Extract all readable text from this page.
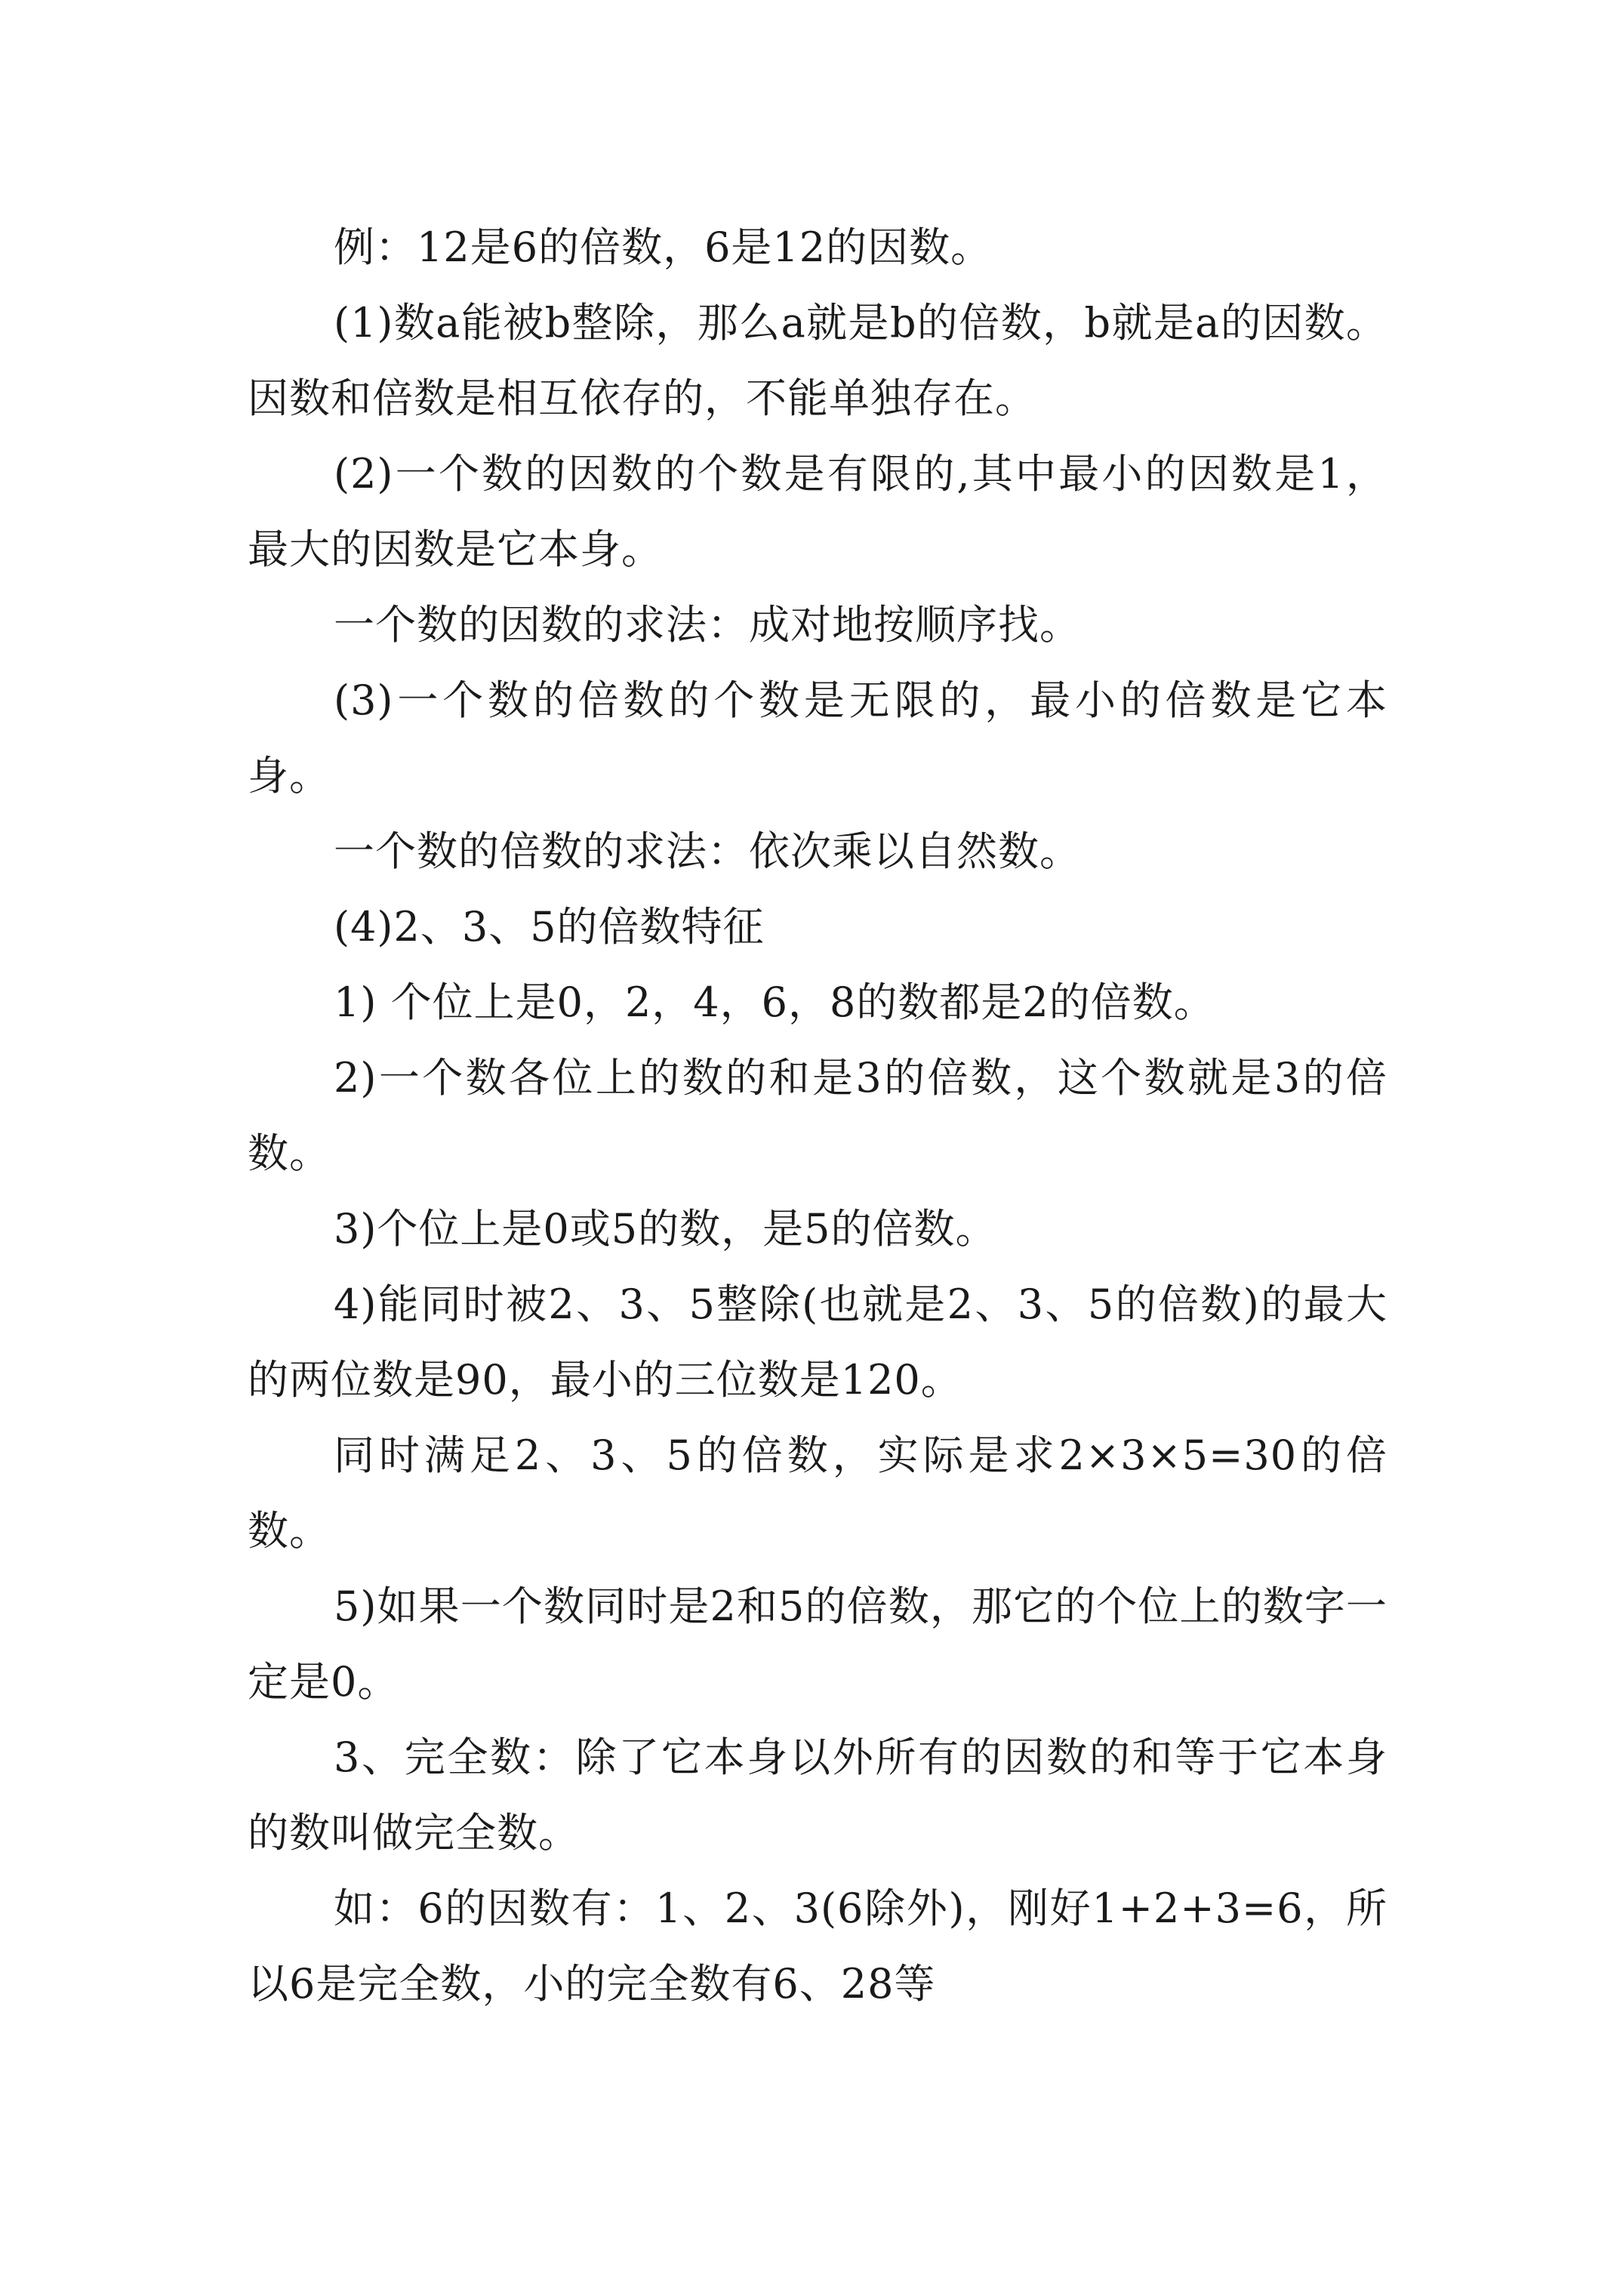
例：12是6的倍数，6是12的因数。

(1)数a能被b整除，那么a就是b的倍数，b就是a的因数。因数和倍数是相互依存的，不能单独存在。

(2)一个数的因数的个数是有限的,其中最小的因数是1，最大的因数是它本身。

一个数的因数的求法：成对地按顺序找。

(3)一个数的倍数的个数是无限的，最小的倍数是它本身。

一个数的倍数的求法：依次乘以自然数。

(4)2、3、5的倍数特征

1) 个位上是0，2，4，6，8的数都是2的倍数。

2)一个数各位上的数的和是3的倍数，这个数就是3的倍数。

3)个位上是0或5的数，是5的倍数。

4)能同时被2、3、5整除(也就是2、3、5的倍数)的最大的两位数是90，最小的三位数是120。

同时满足2、3、5的倍数，实际是求2×3×5=30的倍数。

5)如果一个数同时是2和5的倍数，那它的个位上的数字一定是0。

3、完全数：除了它本身以外所有的因数的和等于它本身的数叫做完全数。

如：6的因数有：1、2、3(6除外)，刚好1+2+3=6，所以6是完全数，小的完全数有6、28等
